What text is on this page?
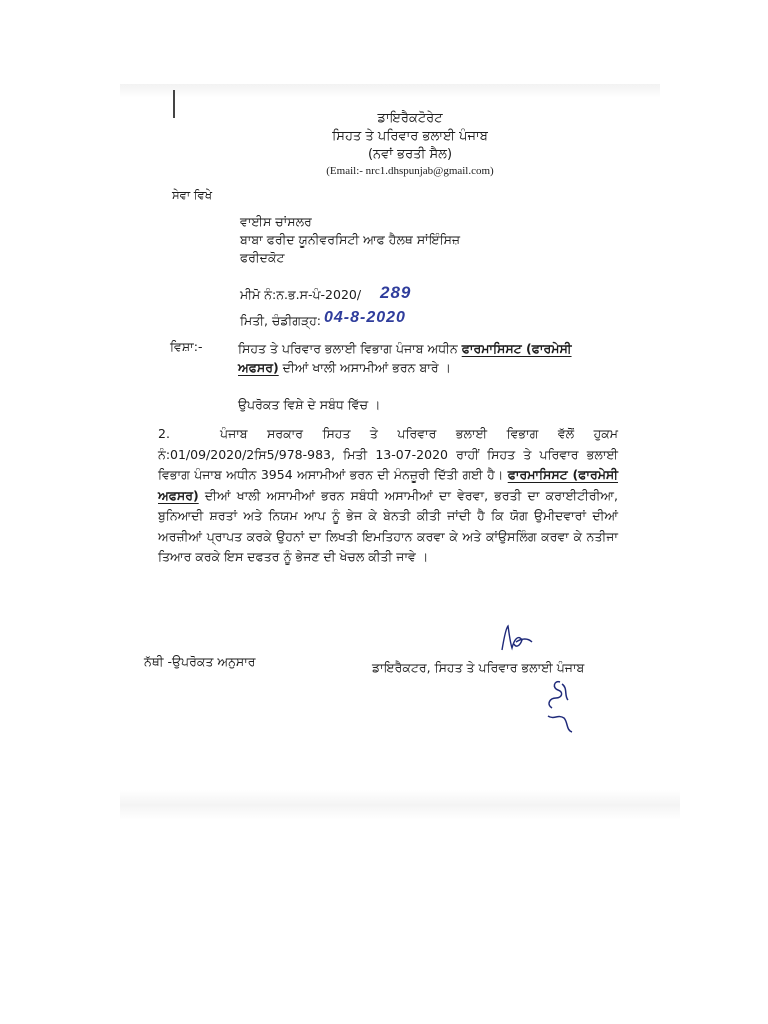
ਡਾਇਰੈਕਟੋਰੇਟ
ਸਿਹਤ ਤੇ ਪਰਿਵਾਰ ਭਲਾਈ ਪੰਜਾਬ
(ਨਵਾਂ ਭਰਤੀ ਸੈਲ)
(Email:- nrc1.dhspunjab@gmail.com)
ਸੇਵਾ ਵਿਖੇ
ਵਾਈਸ ਚਾਂਸਲਰ
ਬਾਬਾ ਫਰੀਦ ਯੂਨੀਵਰਸਿਟੀ ਆਫ ਹੈਲਥ ਸਾਂਇੰਸਿਜ਼
ਫਰੀਦਕੋਟ
ਮੀਮੋ ਨੰ:ਨ.ਭ.ਸ-ਪੰ-2020/ 289
ਮਿਤੀ, ਚੰਡੀਗੜ੍ਹ: 04-8-2020
ਵਿਸ਼ਾ:-	ਸਿਹਤ ਤੇ ਪਰਿਵਾਰ ਭਲਾਈ ਵਿਭਾਗ ਪੰਜਾਬ ਅਧੀਨ ਫਾਰਮਾਸਿਸਟ (ਫਾਰਮੇਸੀ
ਅਫਸਰ) ਦੀਆਂ ਖਾਲੀ ਅਸਾਮੀਆਂ ਭਰਨ ਬਾਰੇ ।
ਉਪਰੋਕਤ ਵਿਸ਼ੇ ਦੇ ਸਬੰਧ ਵਿੱਚ ।
2.	ਪੰਜਾਬ ਸਰਕਾਰ ਸਿਹਤ ਤੇ ਪਰਿਵਾਰ ਭਲਾਈ ਵਿਭਾਗ ਵੱਲੋਂ ਹੁਕਮ ਨੰ:01/09/2020/2ਸਿ5/978-983, ਮਿਤੀ 13-07-2020 ਰਾਹੀਂ ਸਿਹਤ ਤੇ ਪਰਿਵਾਰ ਭਲਾਈ ਵਿਭਾਗ ਪੰਜਾਬ ਅਧੀਨ 3954 ਅਸਾਮੀਆਂ ਭਰਨ ਦੀ ਮੰਨਜ਼ੂਰੀ ਦਿੱਤੀ ਗਈ ਹੈ। ਫਾਰਮਾਸਿਸਟ (ਫਾਰਮੇਸੀ ਅਫਸਰ) ਦੀਆਂ ਖਾਲੀ ਅਸਾਮੀਆਂ ਭਰਨ ਸਬੰਧੀ ਅਸਾਮੀਆਂ ਦਾ ਵੇਰਵਾ, ਭਰਤੀ ਦਾ ਕਰਾਈਟੀਰੀਆ, ਬੁਨਿਆਦੀ ਸ਼ਰਤਾਂ ਅਤੇ ਨਿਯਮ ਆਪ ਨੂੰ ਭੇਜ ਕੇ ਬੇਨਤੀ ਕੀਤੀ ਜਾਂਦੀ ਹੈ ਕਿ ਯੋਗ ਉਮੀਦਵਾਰਾਂ ਦੀਆਂ ਅਰਜ਼ੀਆਂ ਪ੍ਰਾਪਤ ਕਰਕੇ ਉਹਨਾਂ ਦਾ ਲਿਖਤੀ ਇਮਤਿਹਾਨ ਕਰਵਾ ਕੇ ਅਤੇ ਕਾਂਉਸਲਿੰਗ ਕਰਵਾ ਕੇ ਨਤੀਜਾ ਤਿਆਰ ਕਰਕੇ ਇਸ ਦਫਤਰ ਨੂੰ ਭੇਜਣ ਦੀ ਖੇਚਲ ਕੀਤੀ ਜਾਵੇ ।
ਨੱਥੀ -ਉਪਰੋਕਤ ਅਨੁਸਾਰ	ਡਾਇਰੈਕਟਰ, ਸਿਹਤ ਤੇ ਪਰਿਵਾਰ ਭਲਾਈ ਪੰਜਾਬ
